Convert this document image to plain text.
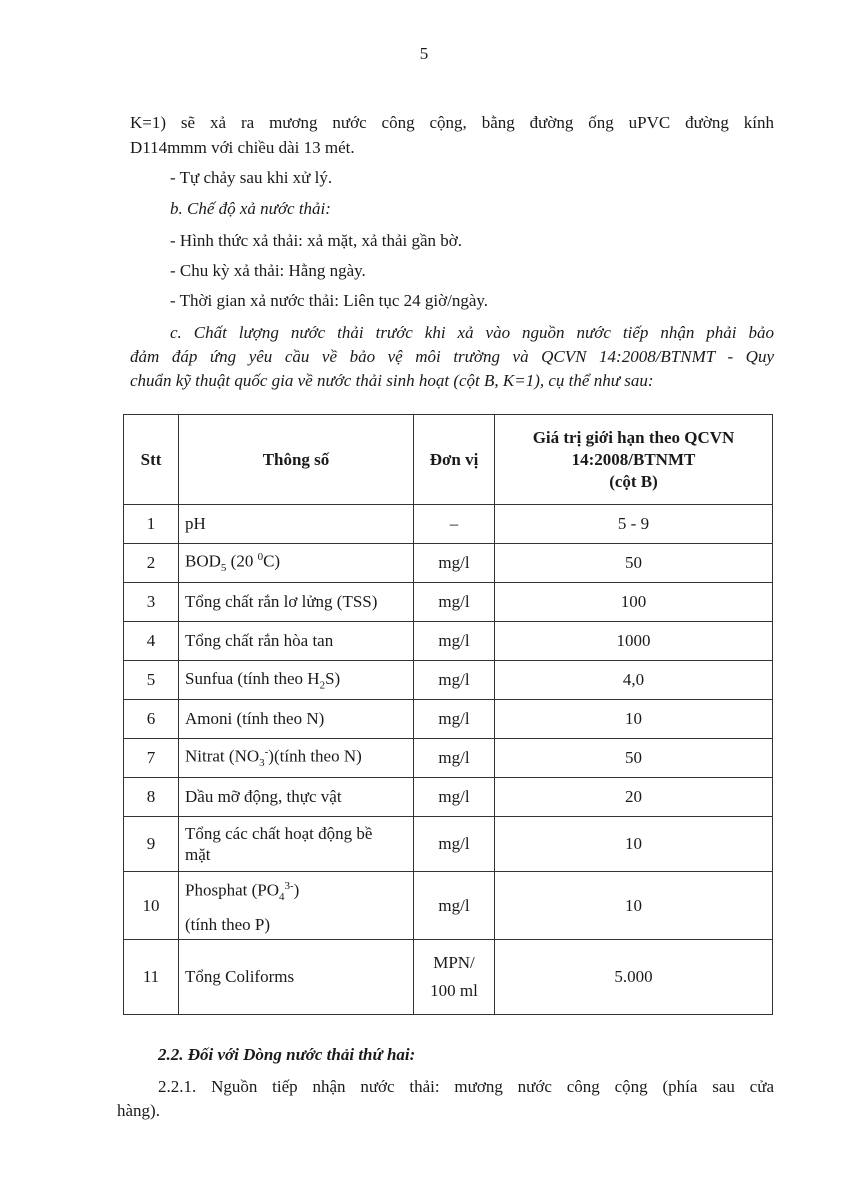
5

K=1) sẽ xả ra mương nước công cộng, bằng đường ống uPVC đường kính

D114mmm với chiều dài 13 mét.

- Tự chảy sau khi xử lý.

b. Chế độ xả nước thải:

- Hình thức xả thải: xả mặt, xả thải gần bờ.

- Chu kỳ xả thải: Hằng ngày.

- Thời gian xả nước thải: Liên tục 24 giờ/ngày.

c. Chất lượng nước thải trước khi xả vào nguồn nước tiếp nhận phải bảo

đảm đáp ứng yêu cầu về bảo vệ môi trường và QCVN 14:2008/BTNMT - Quy

chuẩn kỹ thuật quốc gia về nước thải sinh hoạt (cột B, K=1), cụ thể như sau:

Stt	Thông số	Đơn vị	Giá trị giới hạn theo QCVN
14:2008/BTNMT
(cột B)

1	pH	–	5 - 9
2	$BOD_5$ (20 $^0$C)	mg/l	50
3	Tổng chất rắn lơ lửng (TSS)	mg/l	100
4	Tổng chất rắn hòa tan	mg/l	1000
5	Sunfua (tính theo $H_2S$)	mg/l	4,0
6	Amoni (tính theo N)	mg/l	10
7	Nitrat $(NO_3^-)(tính$ theo N)	mg/l	50
8	Dầu mỡ động, thực vật	mg/l	20
9	Tổng các chất hoạt động bề
mặt	mg/l	10
10	Phosphat $(PO_4^{3-})$
(tính theo P)	mg/l	10
11	Tổng Coliforms	MPN/
100 ml	5.000

2.2. Đối với Dòng nước thải thứ hai:

2.2.1. Nguồn tiếp nhận nước thải: mương nước công cộng (phía sau cửa

hàng).
